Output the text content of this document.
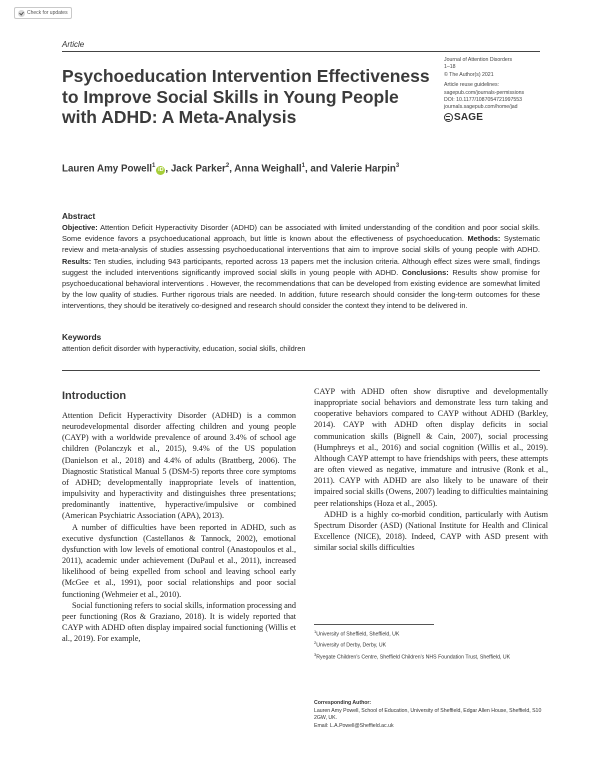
Check for updates
Article
Psychoeducation Intervention Effectiveness to Improve Social Skills in Young People with ADHD: A Meta-Analysis
Journal of Attention Disorders
1–18
© The Author(s) 2021
Article reuse guidelines:
sagepub.com/journals-permissions
DOI: 10.1177/1087054721997553
journals.sagepub.com/home/jad
SAGE
Lauren Amy Powell$^1$iD , Jack Parker$^2$, Anna Weighall$^1$, and Valerie Harpin$^3$
Abstract

Objective: Attention Deficit Hyperactivity Disorder (ADHD) can be associated with limited understanding of the condition and poor social skills. Some evidence favors a psychoeducational approach, but little is known about the effectiveness of psychoeducation. Methods: Systematic review and meta-analysis of studies assessing psychoeducational interventions that aim to improve social skills of young people with ADHD. Results: Ten studies, including 943 participants, reported across 13 papers met the inclusion criteria. Although effect sizes were small, findings suggest the included interventions significantly improved social skills in young people with ADHD. Conclusions: Results show promise for psychoeducational behavioral interventions . However, the recommendations that can be developed from existing evidence are somewhat limited by the low quality of studies. Further rigorous trials are needed. In addition, future research should consider the long-term outcomes for these interventions, they should be iteratively co-designed and research should consider the context they intend to be delivered in.

Keywords

attention deficit disorder with hyperactivity, education, social skills, children

Introduction

Attention Deficit Hyperactivity Disorder (ADHD) is a common neurodevelopmental disorder affecting children and young people (CAYP) with a worldwide prevalence of around 3.4% of school age children (Polanczyk et al., 2015), 9.4% of the US population (Danielson et al., 2018) and 4.4% of adults (Brattberg, 2006). The Diagnostic Statistical Manual 5 (DSM-5) reports three core symptoms of ADHD; developmentally inappropriate levels of inattention, impulsivity and hyperactivity and distinguishes three presentations; predominantly inattentive, hyperactive/impulsive or combined (American Psychiatric Association (APA), 2013).

A number of difficulties have been reported in ADHD, such as executive dysfunction (Castellanos & Tannock, 2002), emotional dysfunction with low levels of emotional control (Anastopoulos et al., 2011), academic under achievement (DuPaul et al., 2011), increased likelihood of being expelled from school and leaving school early (McGee et al., 1991), poor social relationships and poor social functioning (Wehmeier et al., 2010).

Social functioning refers to social skills, information processing and peer functioning (Ros & Graziano, 2018). It is widely reported that CAYP with ADHD often display impaired social functioning (Willis et al., 2019). For example,

CAYP with ADHD often show disruptive and developmentally inappropriate social behaviors and demonstrate less turn taking and cooperative behaviors compared to CAYP without ADHD (Barkley, 2014). CAYP with ADHD often display deficits in social communication skills (Bignell & Cain, 2007), social processing (Humphreys et al., 2016) and social cognition (Willis et al., 2019). Although CAYP attempt to have friendships with peers, these attempts are often viewed as negative, immature and intrusive (Ronk et al., 2011). CAYP with ADHD are also likely to be unaware of their impaired social skills (Owens, 2007) leading to difficulties maintaining peer relationships (Hoza et al., 2005).

ADHD is a highly co-morbid condition, particularly with Autism Spectrum Disorder (ASD) (National Institute for Health and Clinical Excellence (NICE), 2018). Indeed, CAYP with ASD present with similar social skills difficulties

$^1$University of Sheffield, Sheffield, UK
$^2$University of Derby, Derby, UK
$^3$Ryegate Children's Centre, Sheffield Children's NHS Foundation Trust, Sheffield, UK
Corresponding Author:
Lauren Amy Powell, School of Education, University of Sheffield, Edgar Allen House, Sheffield, S10 2GW, UK.
Email: L.A.Powell@Sheffield.ac.uk
